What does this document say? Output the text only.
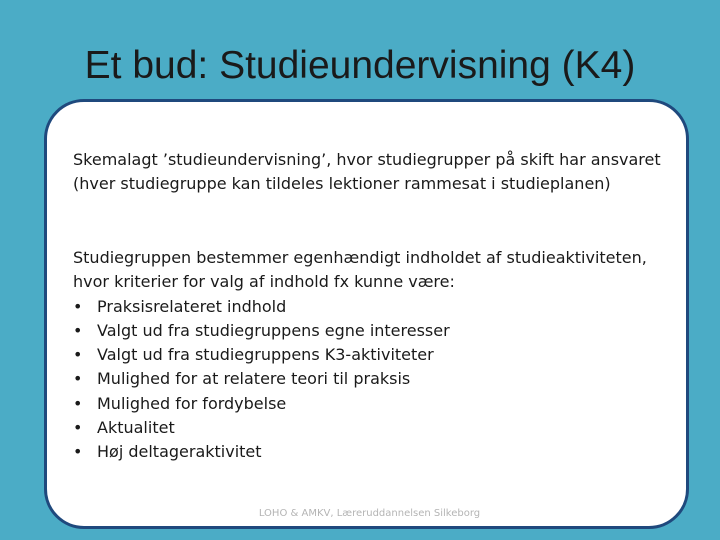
Et bud: Studieundervisning (K4)

Skemalagt ’studieundervisning’, hvor studiegrupper på skift har ansvaret (hver studiegruppe kan tildeles lektioner rammesat i studieplanen)

Studiegruppen bestemmer egenhændigt indholdet af studieaktiviteten,
hvor kriterier for valg af indhold fx kunne være:
• Praksisrelateret indhold
• Valgt ud fra studiegruppens egne interesser
• Valgt ud fra studiegruppens K3-aktiviteter
• Mulighed for at relatere teori til praksis
• Mulighed for fordybelse
• Aktualitet
• Høj deltageraktivitet
LOHO & AMKV, Læreruddannelsen Silkeborg
